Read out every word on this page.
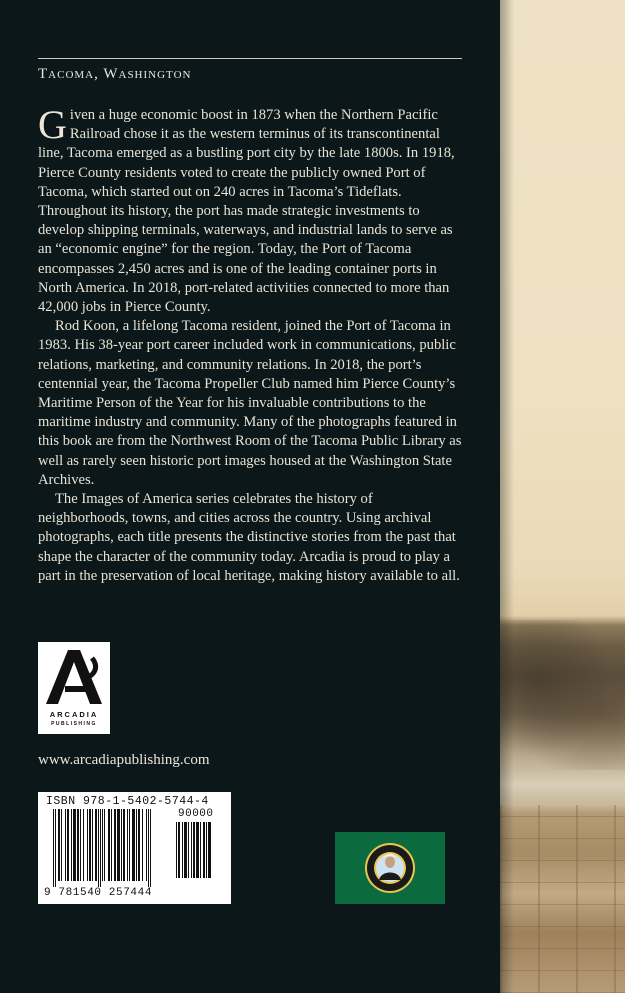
Tacoma, Washington

Given a huge economic boost in 1873 when the Northern Pacific Railroad chose it as the western terminus of its transcontinental line, Tacoma emerged as a bustling port city by the late 1800s. In 1918, Pierce County residents voted to create the publicly owned Port of Tacoma, which started out on 240 acres in Tacoma’s Tideflats. Throughout its history, the port has made strategic investments to develop shipping terminals, waterways, and industrial lands to serve as an “economic engine” for the region. Today, the Port of Tacoma encompasses 2,450 acres and is one of the leading container ports in North America. In 2018, port-related activities connected to more than 42,000 jobs in Pierce County.

Rod Koon, a lifelong Tacoma resident, joined the Port of Tacoma in 1983. His 38-year port career included work in communications, public relations, marketing, and community relations. In 2018, the port’s centennial year, the Tacoma Propeller Club named him Pierce County’s Maritime Person of the Year for his invaluable contributions to the maritime industry and community. Many of the photographs featured in this book are from the Northwest Room of the Tacoma Public Library as well as rarely seen historic port images housed at the Washington State Archives.

The Images of America series celebrates the history of neighborhoods, towns, and cities across the country. Using archival photographs, each title presents the distinctive stories from the past that shape the character of the community today. Arcadia is proud to play a part in the preservation of local heritage, making history available to all.

ARCADIA
PUBLISHING
www.arcadiapublishing.com
ISBN 978-1-5402-5744-4
90000
9 781540 257444
